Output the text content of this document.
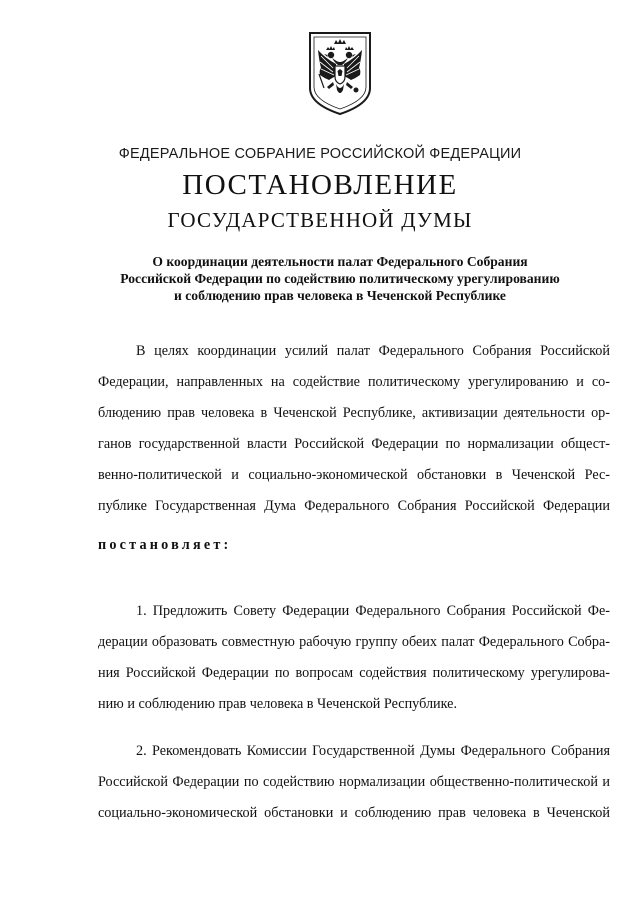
ФЕДЕРАЛЬНОЕ СОБРАНИЕ РОССИЙСКОЙ ФЕДЕРАЦИИ
ПОСТАНОВЛЕНИЕ
ГОСУДАРСТВЕННОЙ ДУМЫ
О координации деятельности палат Федерального Собрания
Российской Федерации по содействию политическому урегулированию
и соблюдению прав человека в Чеченской Республике

В целях координации усилий палат Федерального Собрания Российской
Федерации, направленных на содействие политическому урегулированию и со-
блюдению прав человека в Чеченской Республике, активизации деятельности ор-
ганов государственной власти Российской Федерации по нормализации общест-
венно-политической и социально-экономической обстановки в Чеченской Рес-
публике Государственная Дума Федерального Собрания Российской Федерации

постановляет:

1. Предложить Совету Федерации Федерального Собрания Российской Фе-
дерации образовать совместную рабочую группу обеих палат Федерального Собра-
ния Российской Федерации по вопросам содействия политическому урегулирова-
нию и соблюдению прав человека в Чеченской Республике.

2. Рекомендовать Комиссии Государственной Думы Федерального Собрания
Российской Федерации по содействию нормализации общественно-политической и
социально-экономической обстановки и соблюдению прав человека в Чеченской
